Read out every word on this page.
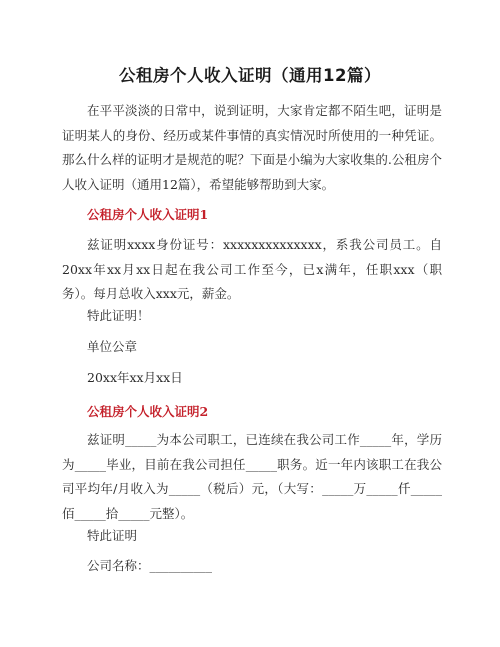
公租房个人收入证明（通用12篇）

在平平淡淡的日常中，说到证明，大家肯定都不陌生吧，证明是证明某人的身份、经历或某件事情的真实情况时所使用的一种凭证。那么什么样的证明才是规范的呢？下面是小编为大家收集的.公租房个人收入证明（通用12篇），希望能够帮助到大家。

公租房个人收入证明1

兹证明xxxx身份证号：xxxxxxxxxxxxxx，系我公司员工。自20xx年xx月xx日起在我公司工作至今，已x满年，任职xxx（职务）。每月总收入xxx元，薪金。

特此证明！

单位公章

20xx年xx月xx日

公租房个人收入证明2

兹证明_____为本公司职工，已连续在我公司工作_____年，学历为_____毕业，目前在我公司担任_____职务。近一年内该职工在我公司平均年/月收入为_____（税后）元，（大写：_____万_____仟_____佰_____拾_____元整）。

特此证明

公司名称：__________
